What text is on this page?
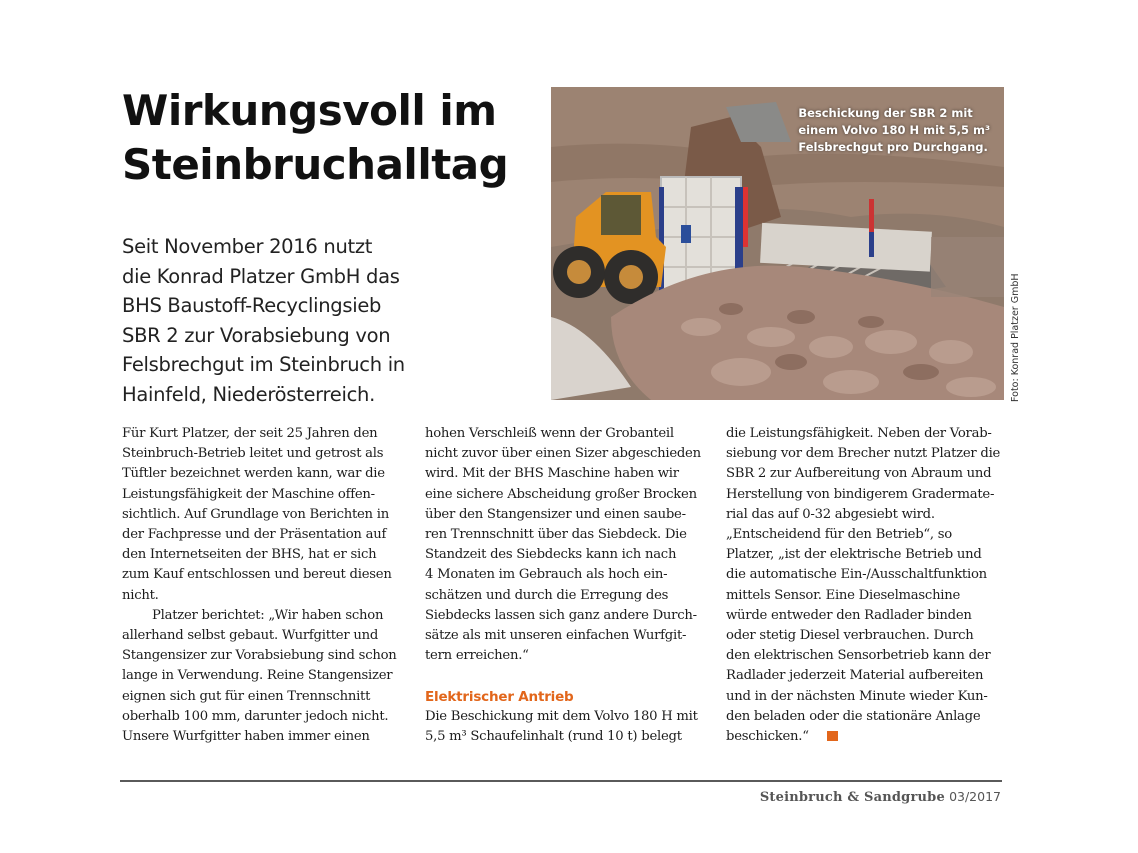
Wirkungsvoll im
Steinbruchalltag

Seit November 2016 nutzt
die Konrad Platzer GmbH das
BHS Baustoff-Recyclingsieb
SBR 2 zur Vorabsiebung von
Felsbrechgut im Steinbruch in
Hainfeld, Niederösterreich.

Beschickung der SBR 2 mit
einem Volvo 180 H mit 5,5 m³
Felsbrechgut pro Durchgang.

Foto: Konrad Platzer GmbH
Für Kurt Platzer, der seit 25 Jahren den
Steinbruch-Betrieb leitet und getrost als
Tüftler bezeichnet werden kann, war die
Leistungsfähigkeit der Maschine offen-
sichtlich. Auf Grundlage von Berichten in
der Fachpresse und der Präsentation auf
den Internetseiten der BHS, hat er sich
zum Kauf entschlossen und bereut diesen
nicht.
Platzer berichtet: „Wir haben schon
allerhand selbst gebaut. Wurfgitter und
Stangensizer zur Vorabsiebung sind schon
lange in Verwendung. Reine Stangensizer
eignen sich gut für einen Trennschnitt
oberhalb 100 mm, darunter jedoch nicht.
Unsere Wurfgitter haben immer einen
hohen Verschleiß wenn der Grobanteil
nicht zuvor über einen Sizer abgeschieden
wird. Mit der BHS Maschine haben wir
eine sichere Abscheidung großer Brocken
über den Stangensizer und einen saube-
ren Trennschnitt über das Siebdeck. Die
Standzeit des Siebdecks kann ich nach
4 Monaten im Gebrauch als hoch ein-
schätzen und durch die Erregung des
Siebdecks lassen sich ganz andere Durch-
sätze als mit unseren einfachen Wurfgit-
tern erreichen.“
Elektrischer Antrieb
Die Beschickung mit dem Volvo 180 H mit
5,5 m³ Schaufelinhalt (rund 10 t) belegt
die Leistungsfähigkeit. Neben der Vorab-
siebung vor dem Brecher nutzt Platzer die
SBR 2 zur Aufbereitung von Abraum und
Herstellung von bindigerem Gradermate-
rial das auf 0-32 abgesiebt wird.
„Entscheidend für den Betrieb“, so
Platzer, „ist der elektrische Betrieb und
die automatische Ein-/Ausschaltfunktion
mittels Sensor. Eine Dieselmaschine
würde entweder den Radlader binden
oder stetig Diesel verbrauchen. Durch
den elektrischen Sensorbetrieb kann der
Radlader jederzeit Material aufbereiten
und in der nächsten Minute wieder Kun-
den beladen oder die stationäre Anlage
beschicken.“
Steinbruch & Sandgrube 03/2017
